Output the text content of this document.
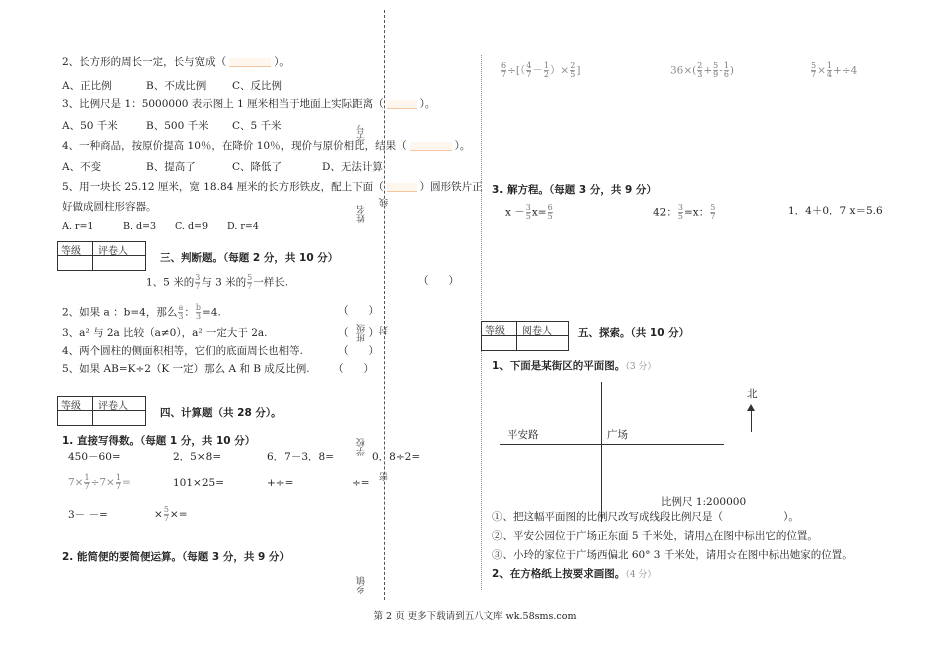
2、长方形的周长一定，长与宽成（	）。
A、正比例	B、不成比例 C、反比例
3、比例尺是 1：5000000 表示图上 1 厘米相当于地面上实际距离（	）。
A、50 千米	B、500 千米 C、5 千米
4、一种商品，按原价提高 10％，在降价 10％，现价与原价相比，结果（	）。
A、不变	B、提高了	C、降低了	D、无法计算
5、用一块长 25.12 厘米，宽 18.84 厘米的长方形铁皮，配上下面（	）圆形铁片正
好做成圆柱形容器。
A. r=1	B. d=3 C. d=9 D. r=4
等级 评卷人
三、判断题。（每题 2 分，共 10 分）
1、5 米的 $\frac{3}{7}$ 与 3 米的 $\frac{5}{7}$ 一样长.	（ ）
2、如果 a ：b=4，那么 $\frac{a}{3}$ ： $\frac{b}{3} =4$.	（ ）
3、a² 与 2a 比较（a≠0），a² 一定大于 2a.	（ ）
4、两个圆柱的侧面积相等，它们的底面周长也相等.	（ ）
5、如果 AB=K÷2（K 一定）那么 A 和 B 成反比例. （ ）
等级 评卷人
四、计算题（共 28 分）。
1. 直接写得数。（每题 1 分，共 10 分）
450－60=	2．5×8=	6．7－3．8=	0．8÷2=
$7\times \frac{1}{7} \div 7\times \frac{1}{7}$ =	101×25=	+÷=	÷=
3－ －=	× $\frac{5}{7}$ ×=
2. 能简便的要简便运算。（每题 3 分，共 9 分）
学号
姓名
线
班级 封
学校
密
乡镇
$\frac{6}{7}$ ÷[（ $\frac{4}{7} - \frac{1}{2}$ ）× $\frac{2}{5}$ ]	$36\times( \frac{2}{3} + \frac{5}{9} - \frac{1}{6}$ )	$\frac{5}{7} \times \frac{1}{4} +\div 4$
3. 解方程。（每题 3 分，共 9 分）
$x - \frac{3}{5} x= \frac{6}{5}$	42： $\frac{3}{5} =x$： $\frac{5}{7}$	1．4＋0．7 x＝5.6
等级 阅卷人 五、探索。（共 10 分）
1、下面是某街区的平面图。（3 分）
平安路	广场
北
比例尺 1:200000
①、把这幅平面图的比例尺改写成线段比例尺是（	）。
②、平安公园位于广场正东面 5 千米处，请用△在图中标出它的位置。
③、小玲的家位于广场西偏北 60° 3 千米处，请用☆在图中标出她家的位置。
2、在方格纸上按要求画图。（4 分）
第 2 页 更多下载请到五八文库 wk.58sms.com
